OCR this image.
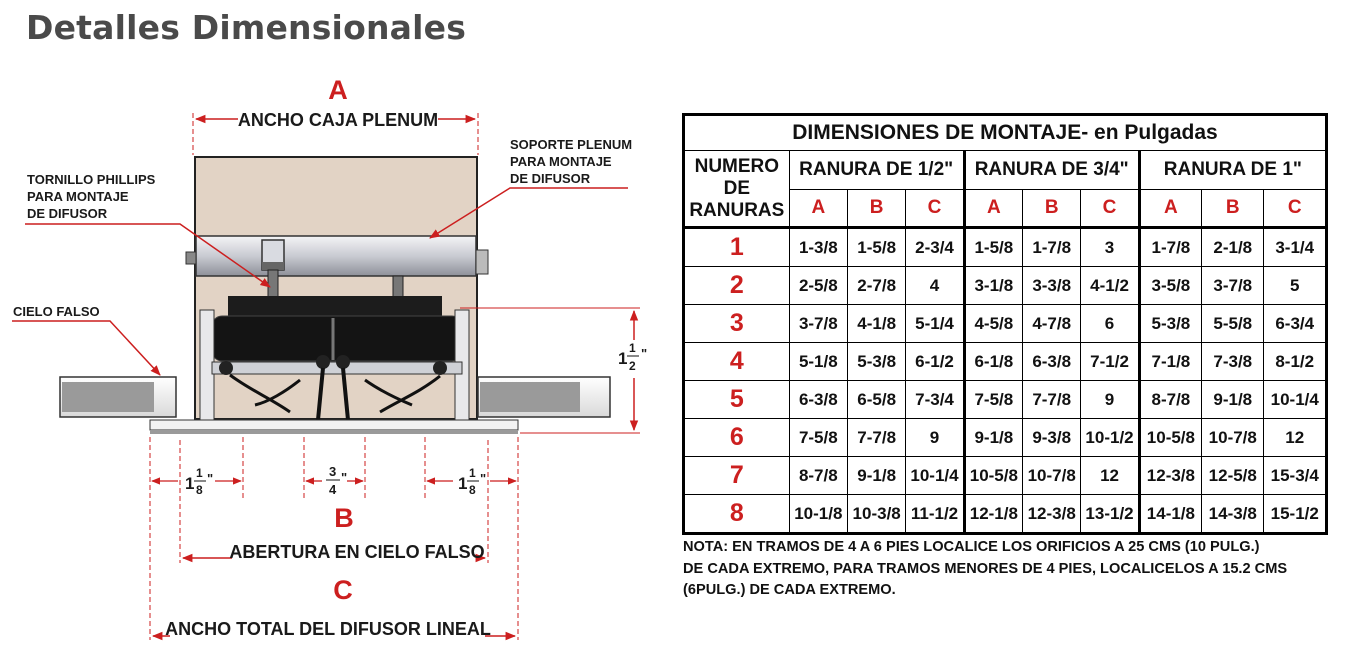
Detalles Dimensionales
A
ANCHO CAJA PLENUM
SOPORTE PLENUM
PARA MONTAJE
DE DIFUSOR
TORNILLO PHILLIPS
PARA MONTAJE
DE DIFUSOR
CIELO FALSO
1
1
2
"
1
1
8
"	3
4
"	1
1
8
"
B
ABERTURA EN CIELO FALSO
C
ANCHO TOTAL DEL DIFUSOR LINEAL
DIMENSIONES DE MONTAJE- en Pulgadas									
NUMERO
DE
RANURAS	RANURA DE 1/2"			RANURA DE 3/4"			RANURA DE 1"		
	A	B	C	A	B	C	A	B	C
1	1-3/8	1-5/8	2-3/4	1-5/8	1-7/8	3	1-7/8	2-1/8	3-1/4
2	2-5/8	2-7/8	4	3-1/8	3-3/8	4-1/2	3-5/8	3-7/8	5
3	3-7/8	4-1/8	5-1/4	4-5/8	4-7/8	6	5-3/8	5-5/8	6-3/4
4	5-1/8	5-3/8	6-1/2	6-1/8	6-3/8	7-1/2	7-1/8	7-3/8	8-1/2
5	6-3/8	6-5/8	7-3/4	7-5/8	7-7/8	9	8-7/8	9-1/8	10-1/4
6	7-5/8	7-7/8	9	9-1/8	9-3/8	10-1/2	10-5/8	10-7/8	12
7	8-7/8	9-1/8	10-1/4	10-5/8	10-7/8	12	12-3/8	12-5/8	15-3/4
8	10-1/8	10-3/8	11-1/2	12-1/8	12-3/8	13-1/2	14-1/8	14-3/8	15-1/2

NOTA: EN TRAMOS DE 4 A 6 PIES LOCALICE LOS ORIFICIOS A 25 CMS (10 PULG.)
DE CADA EXTREMO, PARA TRAMOS MENORES DE 4 PIES, LOCALICELOS A 15.2 CMS
(6PULG.) DE CADA EXTREMO.
